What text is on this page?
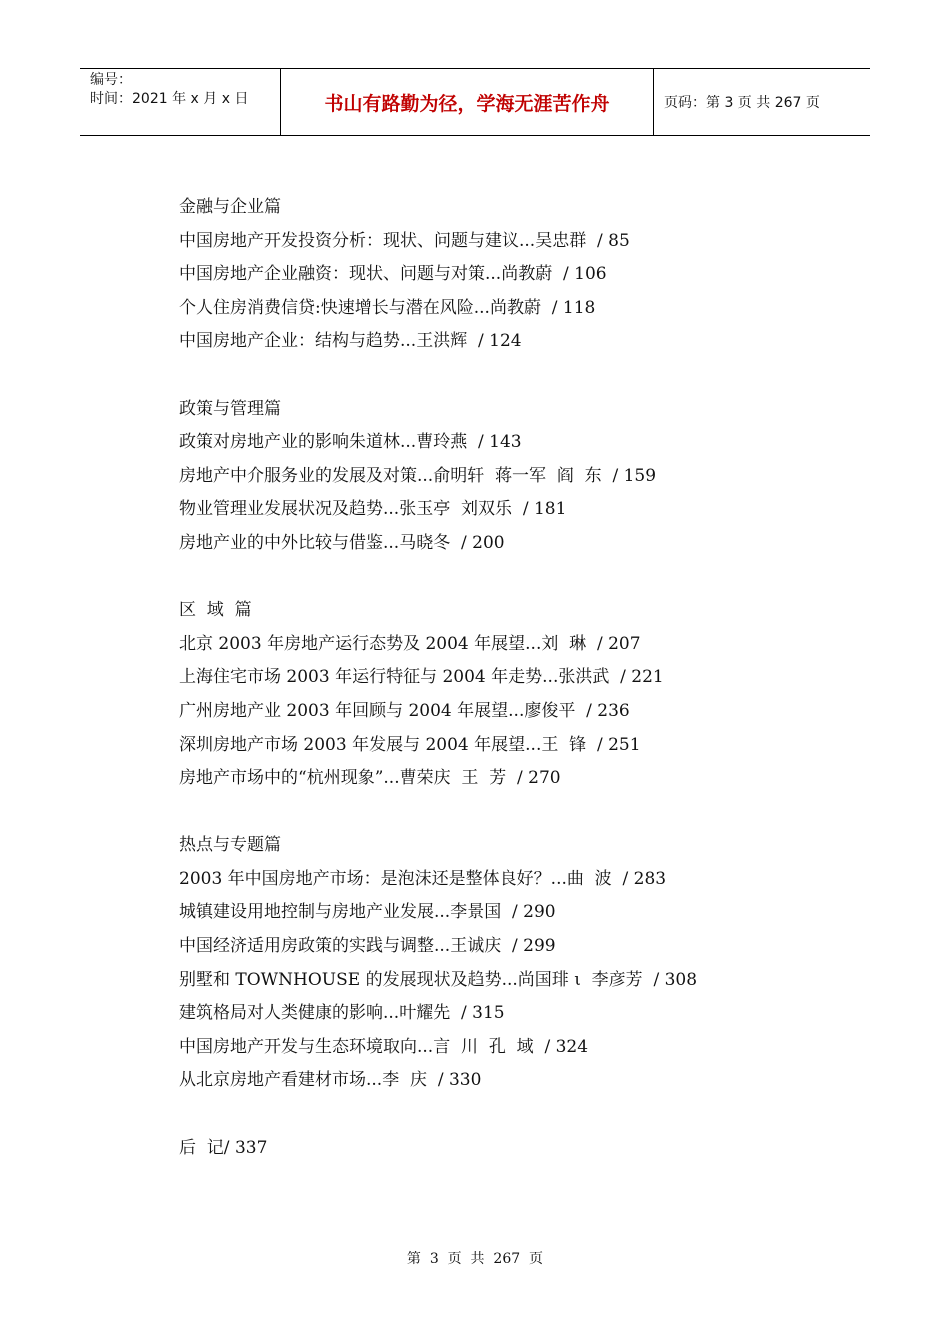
编号：
时间：2021 年 x 月 x 日	书山有路勤为径，学海无涯苦作舟	页码：第 3 页 共 267 页
金融与企业篇
中国房地产开发投资分析：现状、问题与建议...吴忠群  / 85
中国房地产企业融资：现状、问题与对策...尚教蔚  / 106
个人住房消费信贷:快速增长与潜在风险...尚教蔚  / 118
中国房地产企业：结构与趋势...王洪辉  / 124
政策与管理篇
政策对房地产业的影响朱道林...曹玲燕  / 143
房地产中介服务业的发展及对策...俞明轩  蒋一军  阎  东  / 159
物业管理业发展状况及趋势...张玉亭  刘双乐  / 181
房地产业的中外比较与借鉴...马晓冬  / 200
区  域  篇
北京 2003 年房地产运行态势及 2004 年展望...刘  琳  / 207
上海住宅市场 2003 年运行特征与 2004 年走势...张洪武  / 221
广州房地产业 2003 年回顾与 2004 年展望...廖俊平  / 236
深圳房地产市场 2003 年发展与 2004 年展望...王  锋  / 251
房地产市场中的“杭州现象”...曹荣庆  王  芳  / 270
热点与专题篇
2003 年中国房地产市场：是泡沫还是整体良好？...曲  波  / 283
城镇建设用地控制与房地产业发展...李景国  / 290
中国经济适用房政策的实践与调整...王诚庆  / 299
别墅和 TOWNHOUSE 的发展现状及趋势...尚国琲 ι  李彦芳  / 308
建筑格局对人类健康的影响...叶耀先  / 315
中国房地产开发与生态环境取向...言  川  孔  域  / 324
从北京房地产看建材市场...李  庆  / 330
后  记/ 337
第  3  页  共  267  页
